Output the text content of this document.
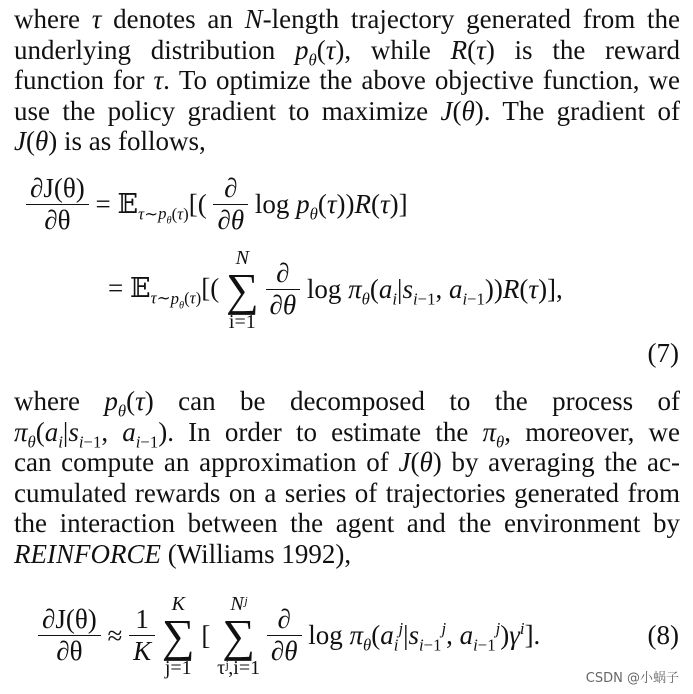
where τ denotes an N-length trajectory generated from the
underlying distribution $p_\theta(\tau)$, while R(τ) is the reward
function for τ. To optimize the above objective function, we
use the policy gradient to maximize J(θ). The gradient of
J(θ) is as follows,
$\frac{\partial J(\theta)}{\partial\theta}$ = 𝔼$_{\tau\sim p_\theta(\tau)}$[( $\frac{\partial}{\partial\theta}$ $\log p_\theta(\tau))R(\tau)$]
= 𝔼$_{\tau\sim p_\theta(\tau)}$[(
N
∑
i=1

$\frac{\partial}{\partial\theta}$ $\log \pi_\theta(a_i|s_{i-1}$, $a_{i-1}))R(\tau)$],
(7)
where  $p_\theta(\tau)$  can  be  decomposed  to  the  process  of
$\pi_\theta(a_i|s_{i-1}$, $a_{i-1}$). In order to estimate the $\pi_\theta$, moreover, we
can compute an approximation of J(θ) by averaging the ac-
cumulated rewards on a series of trajectories generated from
the interaction between the agent and the environment by
REINFORCE (Williams 1992),
$\frac{\partial J(\theta)}{\partial\theta} \approx \frac{1}{K}$

K
∑
j=1
[
Nʲ
∑
τʲ,i=1

$\frac{\partial}{\partial\theta}$ $\log \pi_\theta(a_i^j|s_{i-1}^j$, $a_{i-1}^j)\gamma^i$].	(8)
CSDN @小蜗子
